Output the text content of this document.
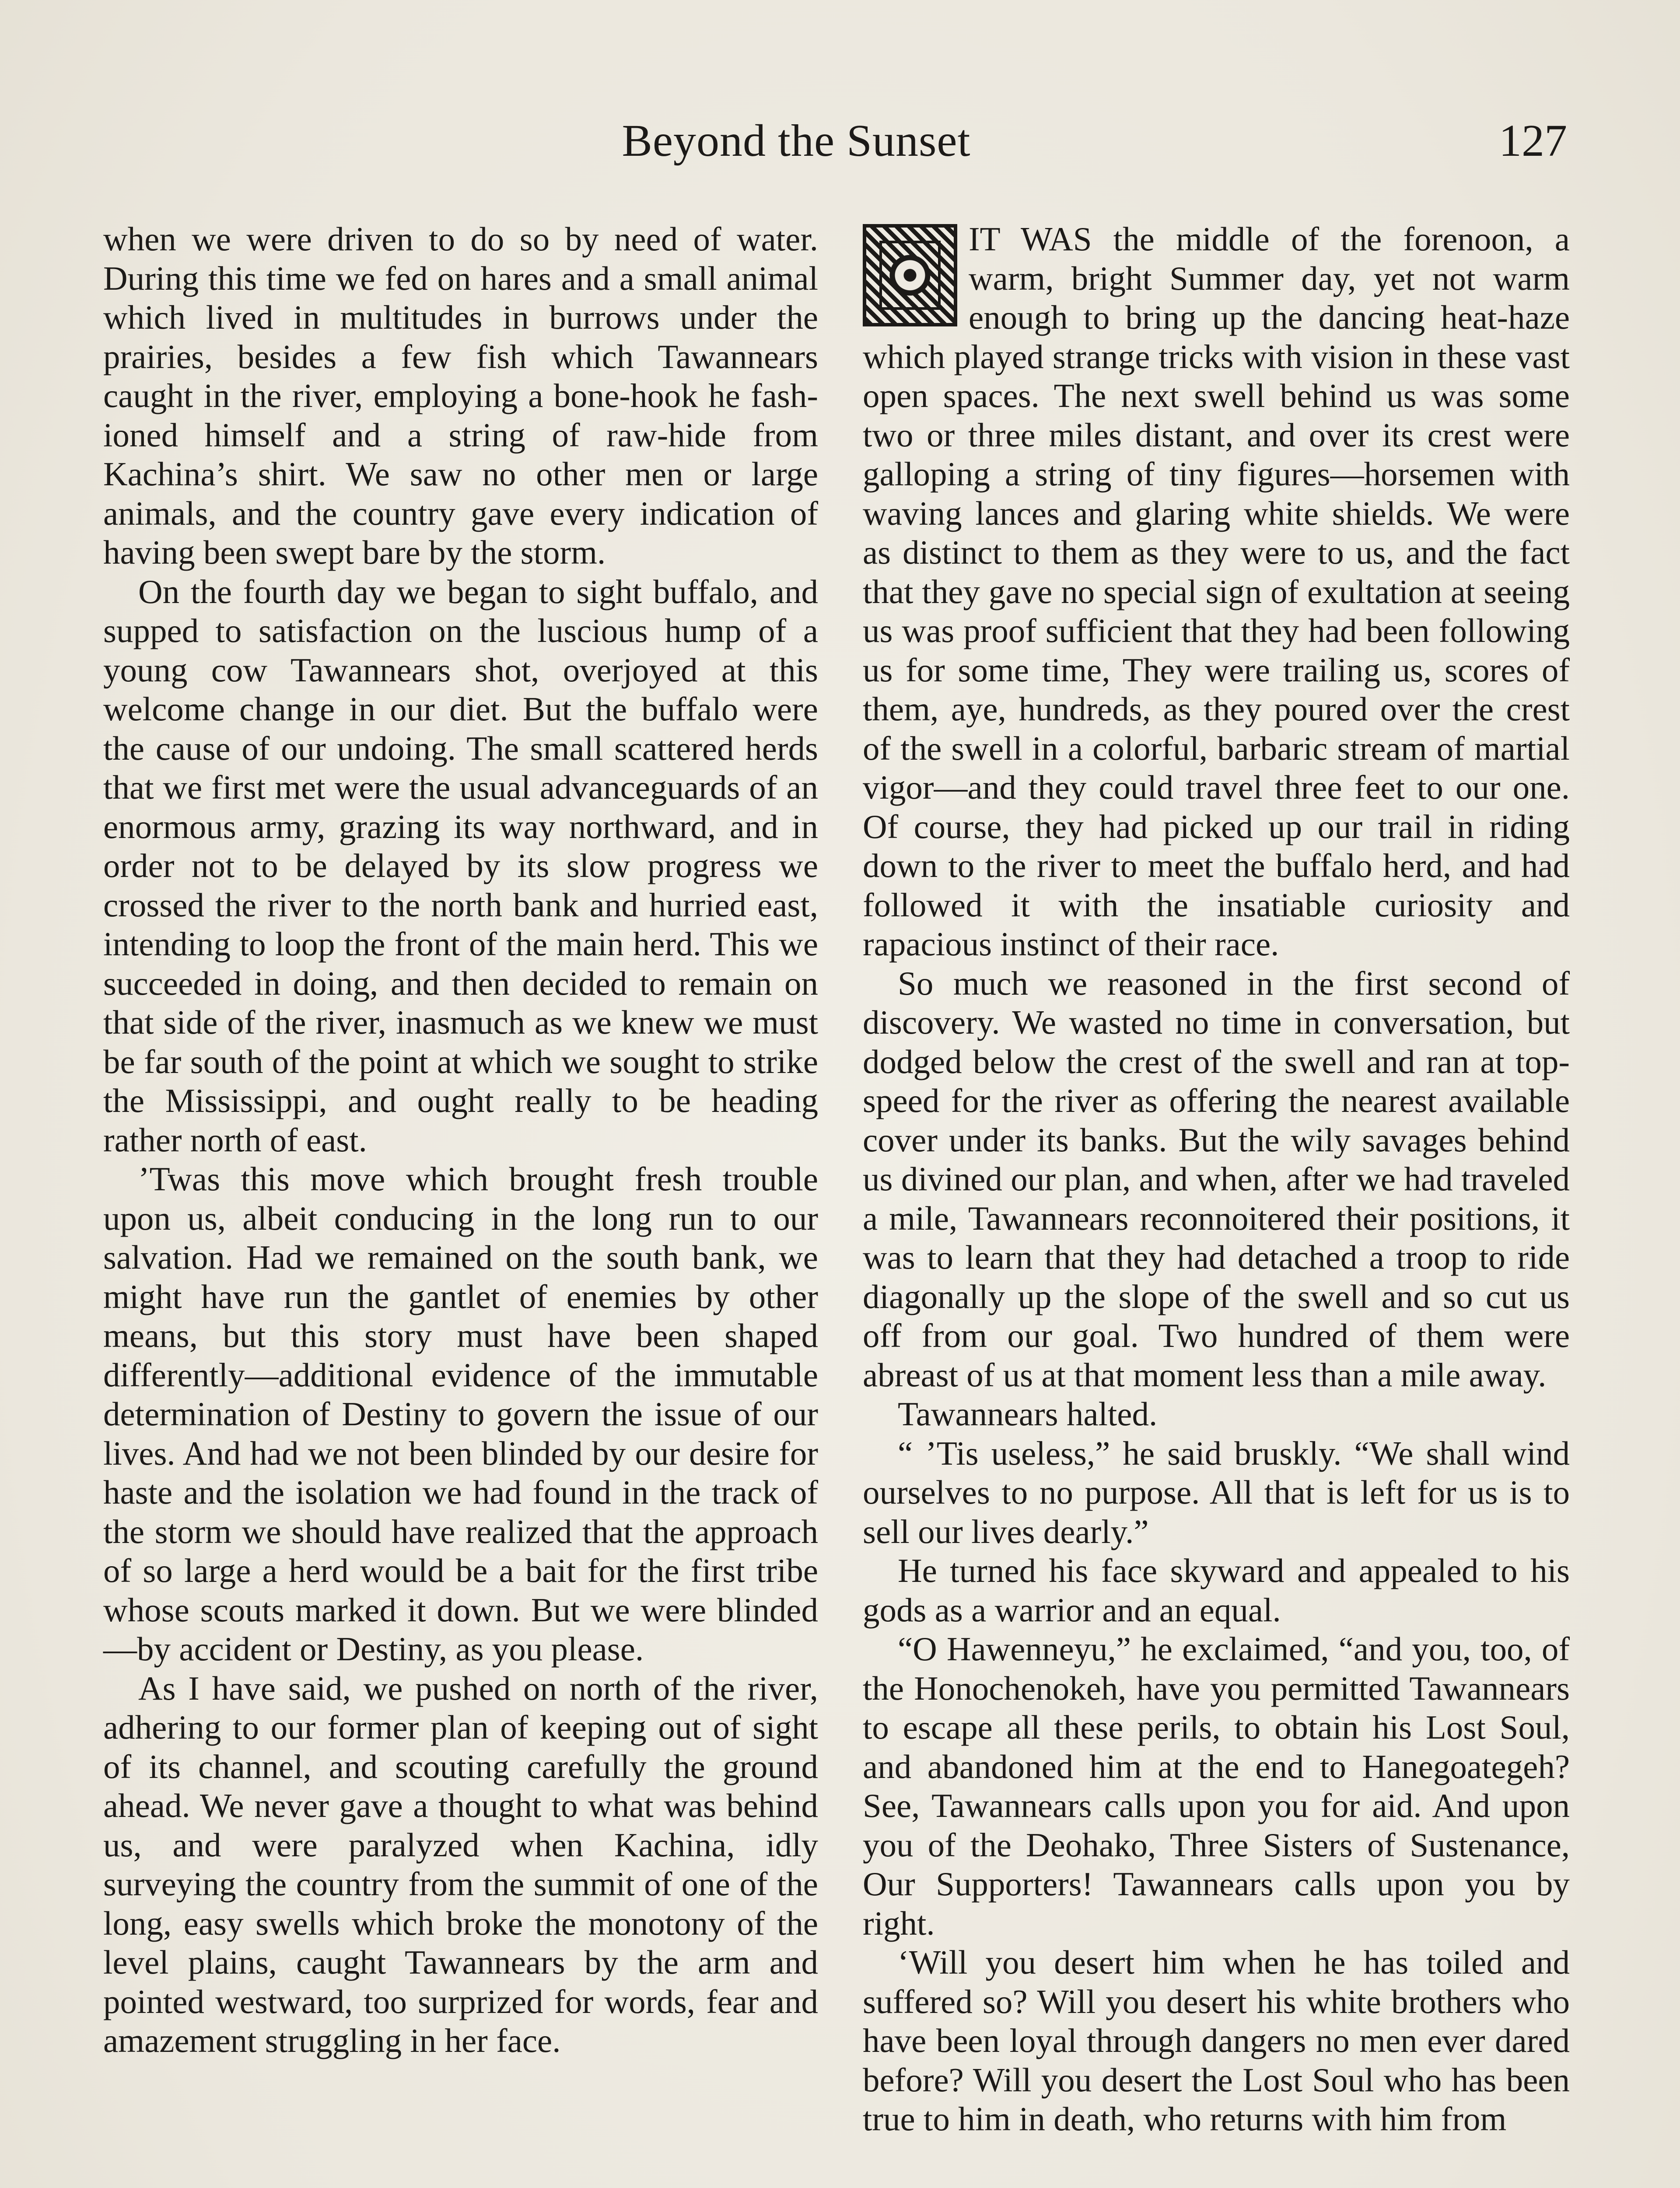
Beyond the Sunset	127

when we were driven to do so by need of water. During this time we fed on hares and a small animal which lived in multitudes in burrows under the prairies, besides a few fish which Tawannears caught in the river, employing a bone-hook he fashioned himself and a string of raw-hide from Kachina’s shirt. We saw no other men or large animals, and the country gave every indication of having been swept bare by the storm.

On the fourth day we began to sight buffalo, and supped to satisfaction on the luscious hump of a young cow Tawannears shot, overjoyed at this welcome change in our diet. But the buffalo were the cause of our undoing. The small scattered herds that we first met were the usual advanceguards of an enormous army, grazing its way northward, and in order not to be delayed by its slow progress we crossed the river to the north bank and hurried east, intending to loop the front of the main herd. This we succeeded in doing, and then decided to remain on that side of the river, inasmuch as we knew we must be far south of the point at which we sought to strike the Mississippi, and ought really to be heading rather north of east.

’Twas this move which brought fresh trouble upon us, albeit conducing in the long run to our salvation. Had we remained on the south bank, we might have run the gantlet of enemies by other means, but this story must have been shaped differently—additional evidence of the immutable determination of Destiny to govern the issue of our lives. And had we not been blinded by our desire for haste and the isolation we had found in the track of the storm we should have realized that the approach of so large a herd would be a bait for the first tribe whose scouts marked it down. But we were blinded—by accident or Destiny, as you please.

As I have said, we pushed on north of the river, adhering to our former plan of keeping out of sight of its channel, and scouting carefully the ground ahead. We never gave a thought to what was behind us, and were paralyzed when Kachina, idly surveying the country from the summit of one of the long, easy swells which broke the monotony of the level plains, caught Tawannears by the arm and pointed westward, too surprized for words, fear and amazement struggling in her face.

IT WAS the middle of the forenoon, a warm, bright Summer day, yet not warm enough to bring up the dancing heat-haze which played strange tricks with vision in these vast open spaces. The next swell behind us was some two or three miles distant, and over its crest were galloping a string of tiny figures—horsemen with waving lances and glaring white shields. We were as distinct to them as they were to us, and the fact that they gave no special sign of exultation at seeing us was proof sufficient that they had been following us for some time, They were trailing us, scores of them, aye, hundreds, as they poured over the crest of the swell in a colorful, barbaric stream of martial vigor—and they could travel three feet to our one. Of course, they had picked up our trail in riding down to the river to meet the buffalo herd, and had followed it with the insatiable curiosity and rapacious instinct of their race.

So much we reasoned in the first second of discovery. We wasted no time in conversation, but dodged below the crest of the swell and ran at top-speed for the river as offering the nearest available cover under its banks. But the wily savages behind us divined our plan, and when, after we had traveled a mile, Tawannears reconnoitered their positions, it was to learn that they had detached a troop to ride diagonally up the slope of the swell and so cut us off from our goal. Two hundred of them were abreast of us at that moment less than a mile away.

Tawannears halted.

“ ’Tis useless,” he said bruskly. “We shall wind ourselves to no purpose. All that is left for us is to sell our lives dearly.”

He turned his face skyward and appealed to his gods as a warrior and an equal.

“O Hawenneyu,” he exclaimed, “and you, too, of the Honochenokeh, have you permitted Tawannears to escape all these perils, to obtain his Lost Soul, and abandoned him at the end to Hanegoategeh? See, Tawannears calls upon you for aid. And upon you of the Deohako, Three Sisters of Sustenance, Our Supporters! Tawannears calls upon you by right.

‘Will you desert him when he has toiled and suffered so? Will you desert his white brothers who have been loyal through dangers no men ever dared before? Will you desert the Lost Soul who has been true to him in death, who returns with him from
